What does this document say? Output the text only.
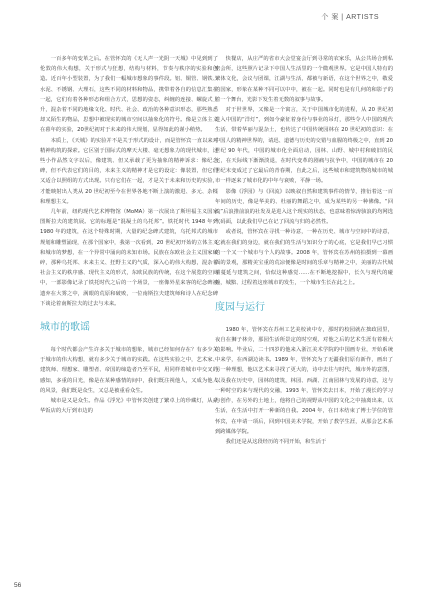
个 案 | ARTISTS

一百多年的变革之后。在管怀宾的《无人声一光阴一天城》中见到到了伦敦的伟大构想，关于形式与狂想，结构与材料，节奏与秩序的实验和创造。近百年小型装置，为了我们一幅城市想象的事件段。铝、铜管、钢铁、水泥、不锈钢、大理石，这些不同的材料和物品，携带着各自的信息汇集在一起，它们有着各种形态和组合方式，思想的姿态，纠缠的连接、螺旋式上升，混杂着不同的地缘文化、时代、社会、政治的各种意识形态，那些熟悉却又陌生的物品，思想中被现实的城市空间以抽象化的符号。像是立体主义在暮年的实验，20世纪初对于未来的伟大规划，显得如此的谨小稍势。

本质上，《天城》的实验并不是关于形式的设计，而是管怀宾一直以来对精神构筑的探索。它区别于国际式的摩天大楼、毫无想象力的现代城市，这些小作品然文字以后，像建筑、但又承载了更为抽象的精神诉求：像纪念碑，但不代表它们的目的，未来主义的精神才是它的设定：像装置，但它们又适合以照组的方式出现。只有它们在一起，才是关于未来和历史的实验，才能映射出人类从 20 世纪初至今在世界各地不断上演的激进、多元、杂糅和理想主义。

几年前，纽约现代艺术博物馆（MoMA）第一次展出了斯坦福主义国家图斯拉夫的建筑展。它的标题是“混凝土的乌托邦”。铁托时代 1948 年到 1980 年的建筑，在这个特殊时期，大量的纪念碑式建筑，乌托邦式的城市规划和雕塑涌现，在那个国家中，我第一次看到，20 世纪初开始的立体主义和城市的梦想，在一个异常中涌向的未知市场。民族在东欧社会主义国家破碎，那种乌托邦、未来主义、狂野主义的气质，深入心的伟大构想，混杂着社会主义的秩序感、现代主义的形式，东欧民族的传统，在这个展览的空间中，一部影像记录了铁托时代之后的一个场景，一座像外星来客的纪念碑被遗弃在大雾之中，满眼的荒原和破败，一位南斯拉夫建筑师和诗人在纪念碑下谈论着南斯拉夫的过去与未来。

城市的歌谣

每个时代都会产生许多关于城市的想象，城市已经如何存在？有多少关于城市的伟大构想，就有多少关于城市的实践。在这些实验之中，艺术家、建筑师、理想家、雕塑者、帝国的缔造者乃至平民，用同样着城市中交叉的感知，多重的目光，像是在某种感情的间中，我们既注视他人，又成为他人的风景，我们既是众生，又总是被重看众生。

城市是又是众生。作品《浮光》中管怀宾创建了繁卓上的珍藏灯，从豪华饭店的大厅到市边的

快餐店，从庄严的省市大会堂宴会厅到寻常的农家乐，从公共场合到私密会所，这些照片记录下中国人生活里的一个微观世界。它是中国人特有的繁体文化，会议与团课，江湖与生活，都被与新语，在这个世界之中，敬爱的国家，形象在某种不同可以中中，被在一起。同时也是有几何的和影子的着一个舞台，光影下发生着无数的叙事与故事。

对于世世界，又像是一个寓言，关于中国城市化的进程，从 20 世纪初进入中国的“洋灯”，到如今豪征着身份与事业的吊灯，那些令人中国的现代生活，带着华丽与混杂土，也传达了中国传统园林在 20 世纪初的意识：在中国人的精神世界的，请迅、道德与历史的交错与血腥的终极之中，直到 20 世纪 90 年代，中国的城市化全面启动，园林、山野、城中村和破旧的民宅，在天际线下渐渐淡退，在时代变革的剧痛与抗争中，中国的城市在 20 世纪末变成过了它最后的青春期，自此之后，这些城市和建筑物的城市的城市一样逐来了城市化的中年与衰败，平静一场。

影像《浮园》与《回流》以映叙自然和建筑事件的情节，推衍着这一百年间的历史，像是华美的、杜丽的舞蹈之中，成为某些的另一种佛像。“回流”后浪推前浪的社发及是进入这个现实的状态，也意味着惊涛骇浪的均网选气码面，以此我们早已在记了回流与归的必然性。

或者说，管怀宾在寻找一种诗意，一种在历史、城市与空间中的诗意，它就在我们的身边，就在我们的生活与知识分子的心底，它是我们早已习惯的一个又一个城市与个人的故事。2008 年，管怀宾在苏州的拍摄到一幕画面的景观，那精美宝重的荒凉便像是时间的乐章与精神之中，美丽的古代城墙蔓延与建筑之间，恰似这种感觉……在不断地挖掘中，长久与现代的碰撞，城黯、过程着这座城市的发生，一个城市生长在此之上。

度园与运行

1980 年，管怀宾在苏州工艺美校读中专，那时的校园就在拙政园里，夜自在狮子林旁，那园生活所景定的时空观，对他之后的艺术生涯有着极大的影响。毕业后，二十四岁的他来入浙江美术学院的中国画专业，开始系统中来学，在西湖边读书。1989 年，管怀宾为了无疆我们原有新作，画出了另一种理想，他以艺术来寻找了更大的，诗中去往与时代，城市外的意图，以及我在历史中，园林的建筑，林园、西湖、江南园林与发展的诗意，这与一种时空的来与现代的交融，1993 年，管怀宾去日本，开始了漫长的学习与创作，在另外的土地上，他将自己的视野从中国的文化之中抽离出来，以生活，在生活中打开一种新的自我。2004 年，在日本结束了博士学位的管怀宾，在申请一项后，回到中国美术学院，开始了教学生涯，从那会艺术系到跨媒体学院。

我们还是从这段经历的不同开始，和生活于

56
